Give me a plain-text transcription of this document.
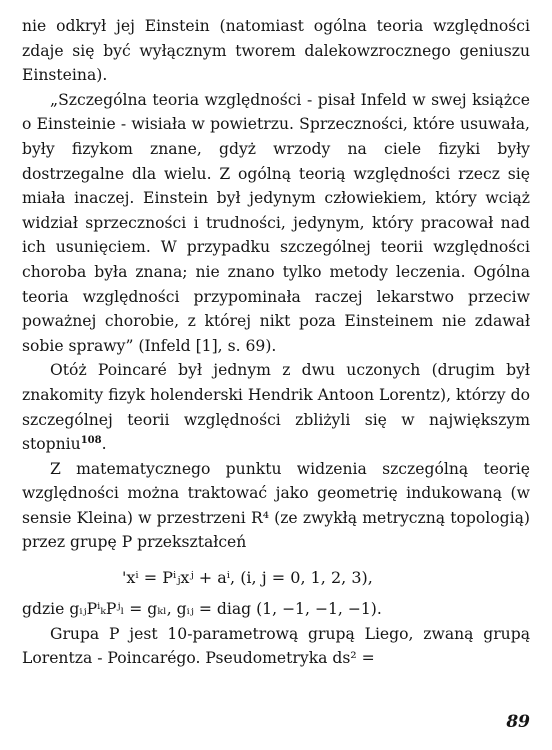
nie odkrył jej Einstein (natomiast ogólna teoria względności zdaje się być wyłącznym tworem dalekowzrocznego geniuszu Einsteina).

„Szczególna teoria względności - pisał Infeld w swej książce o Einsteinie - wisiała w powietrzu. Sprzeczności, które usuwała, były fizykom znane, gdyż wrzody na ciele fizyki były dostrzegalne dla wielu. Z ogólną teorią względności rzecz się miała inaczej. Einstein był jedynym człowiekiem, który wciąż widział sprzeczności i trudności, jedynym, który pracował nad ich usunięciem. W przypadku szczególnej teorii względności choroba była znana; nie znano tylko metody leczenia. Ogólna teoria względności przypominała raczej lekarstwo przeciw poważnej chorobie, z której nikt poza Einsteinem nie zdawał sobie sprawy” (Infeld [1], s. 69).

Otóż Poincaré był jednym z dwu uczonych (drugim był znakomity fizyk holenderski Hendrik Antoon Lorentz), którzy do szczególnej teorii względności zbliżyli się w największym stopniu$^{108}$.

Z matematycznego punktu widzenia szczególną teorię względności można traktować jako geometrię indukowaną (w sensie Kleina) w przestrzeni R⁴ (ze zwykłą metryczną topologią) przez grupę P przekształceń

'xⁱ = Pⁱⱼxʲ + aⁱ, (i, j = 0, 1, 2, 3),

gdzie gᵢⱼPⁱₖPʲₗ = gₖₗ, gᵢⱼ = diag (1, −1, −1, −1).

Grupa P jest 10-parametrową grupą Liego, zwaną grupą Lorentza - Poincarégo. Pseudometryka ds² =

89
